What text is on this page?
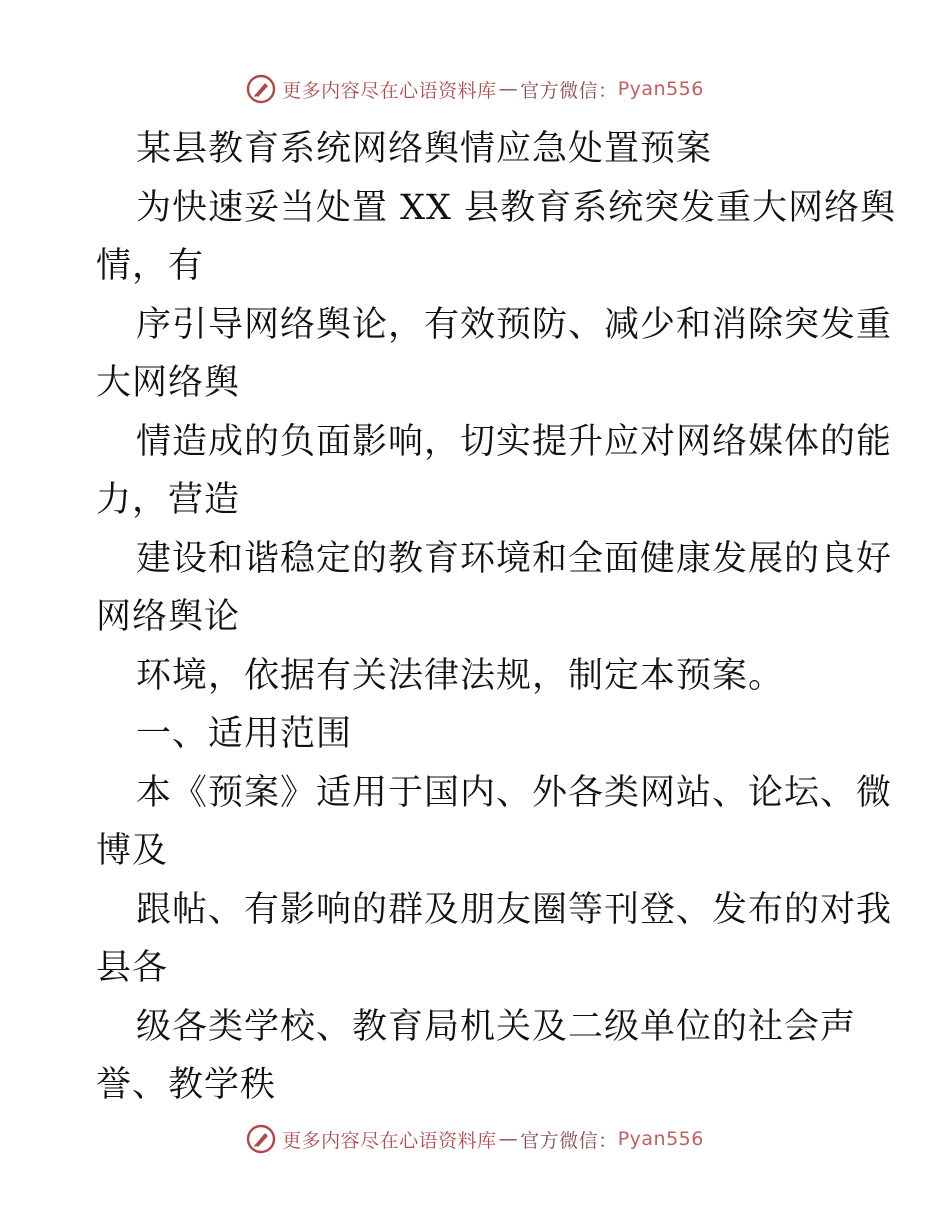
更多内容尽在心语资料库 — 官方微信： Pyan556
某县教育系统网络舆情应急处置预案
为快速妥当处置 XX 县教育系统突发重大网络舆
情，有
序引导网络舆论，有效预防、减少和消除突发重
大网络舆
情造成的负面影响，切实提升应对网络媒体的能
力，营造
建设和谐稳定的教育环境和全面健康发展的良好
网络舆论
环境，依据有关法律法规，制定本预案。
一、适用范围
本《预案》适用于国内、外各类网站、论坛、微
博及
跟帖、有影响的群及朋友圈等刊登、发布的对我
县各
级各类学校、教育局机关及二级单位的社会声
誉、教学秩
更多内容尽在心语资料库 — 官方微信： Pyan556
